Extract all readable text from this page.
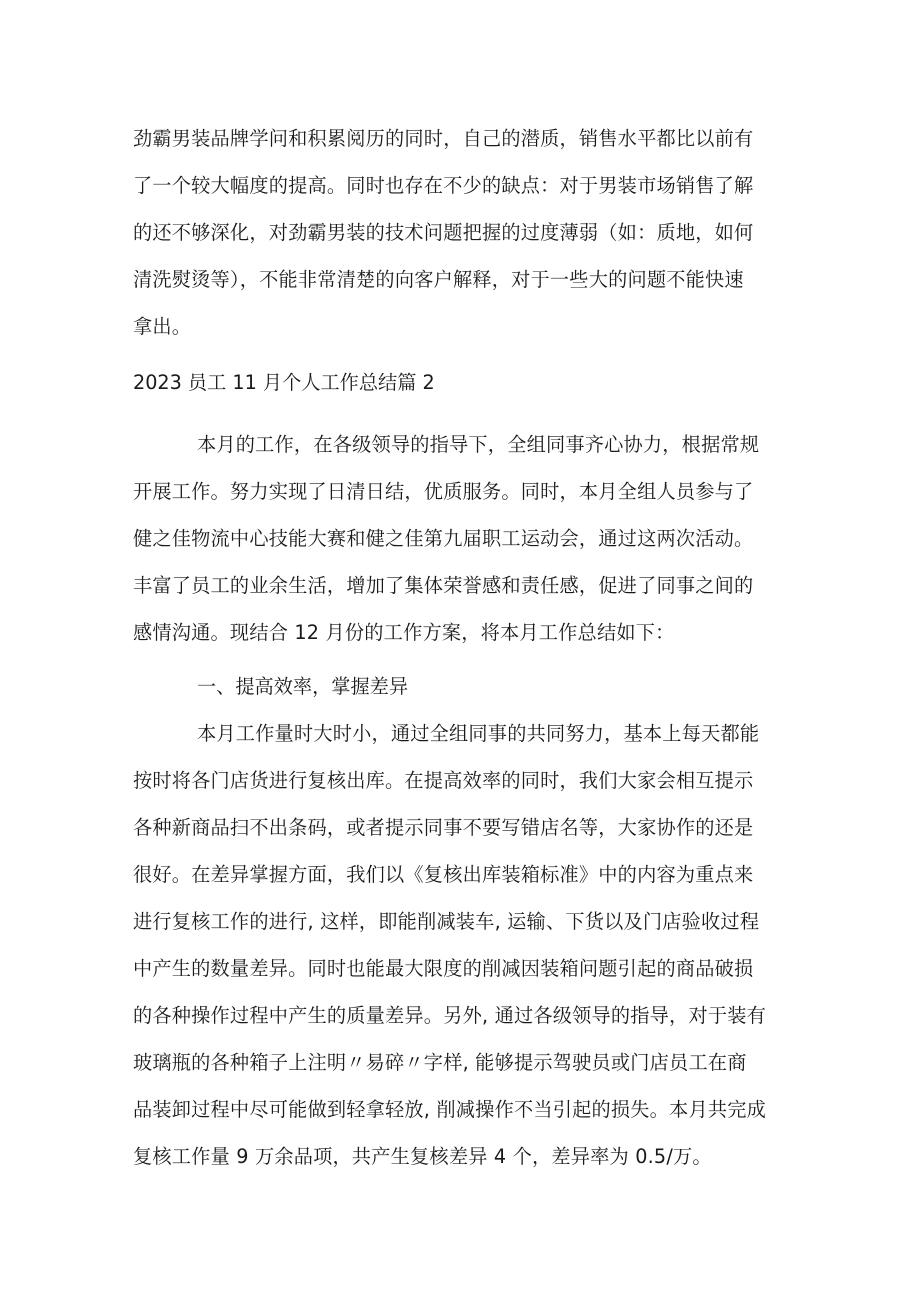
劲霸男装品牌学问和积累阅历的同时，自己的潜质，销售水平都比以前有
了一个较大幅度的提高。同时也存在不少的缺点：对于男装市场销售了解
的还不够深化，对劲霸男装的技术问题把握的过度薄弱（如：质地，如何
清洗熨烫等），不能非常清楚的向客户解释，对于一些大的问题不能快速
拿出。
2023 员工 11 月个人工作总结篇 2
本月的工作，在各级领导的指导下，全组同事齐心协力，根据常规
开展工作。努力实现了日清日结，优质服务。同时，本月全组人员参与了
健之佳物流中心技能大赛和健之佳第九届职工运动会，通过这两次活动。
丰富了员工的业余生活，增加了集体荣誉感和责任感，促进了同事之间的
感情沟通。现结合 12 月份的工作方案，将本月工作总结如下：
一、提高效率，掌握差异
本月工作量时大时小，通过全组同事的共同努力，基本上每天都能
按时将各门店货进行复核出库。在提高效率的同时，我们大家会相互提示
各种新商品扫不出条码，或者提示同事不要写错店名等，大家协作的还是
很好。在差异掌握方面，我们以《复核出库装箱标准》中的内容为重点来
进行复核工作的进行, 这样，即能削减装车, 运输、下货以及门店验收过程
中产生的数量差异。同时也能最大限度的削减因装箱问题引起的商品破损
的各种操作过程中产生的质量差异。另外, 通过各级领导的指导，对于装有
玻璃瓶的各种箱子上注明〃易碎〃字样, 能够提示驾驶员或门店员工在商
品装卸过程中尽可能做到轻拿轻放, 削减操作不当引起的损失。本月共完成
复核工作量 9 万余品项，共产生复核差异 4 个，差异率为 0.5/万。
